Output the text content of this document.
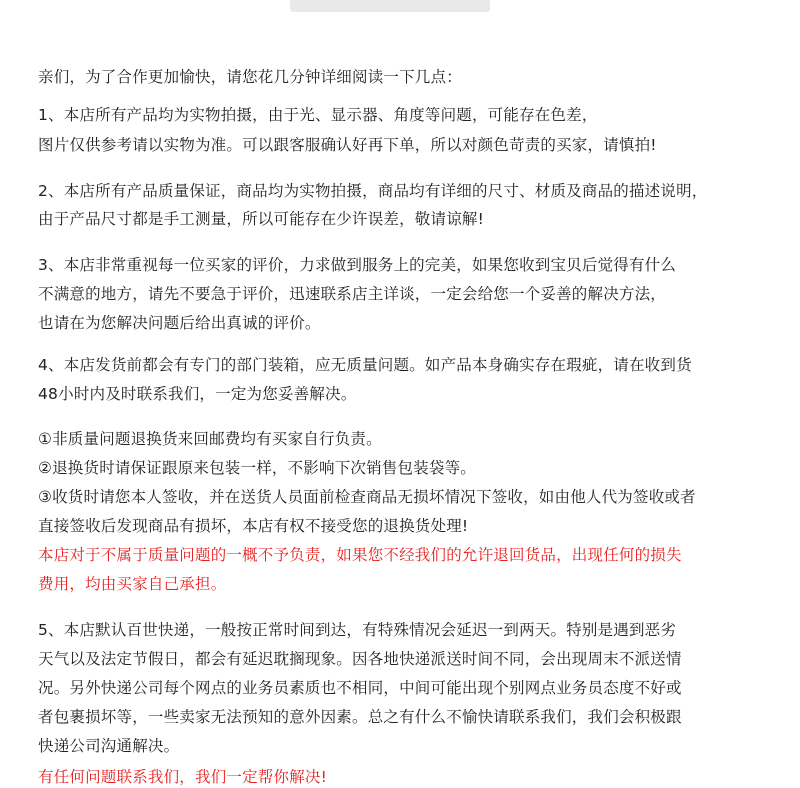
亲们，为了合作更加愉快，请您花几分钟详细阅读一下几点：
1、本店所有产品均为实物拍摄，由于光、显示器、角度等问题，可能存在色差，
图片仅供参考请以实物为准。可以跟客服确认好再下单，所以对颜色苛责的买家，请慎拍!
2、本店所有产品质量保证，商品均为实物拍摄，商品均有详细的尺寸、材质及商品的描述说明，
由于产品尺寸都是手工测量，所以可能存在少许误差，敬请谅解!
3、本店非常重视每一位买家的评价，力求做到服务上的完美，如果您收到宝贝后觉得有什么
不满意的地方，请先不要急于评价，迅速联系店主详谈，一定会给您一个妥善的解决方法，
也请在为您解决问题后给出真诚的评价。
4、本店发货前都会有专门的部门装箱，应无质量问题。如产品本身确实存在瑕疵，请在收到货
48小时内及时联系我们，一定为您妥善解决。
①非质量问题退换货来回邮费均有买家自行负责。
②退换货时请保证跟原来包装一样，不影响下次销售包装袋等。
③收货时请您本人签收，并在送货人员面前检查商品无损坏情况下签收，如由他人代为签收或者
直接签收后发现商品有损坏，本店有权不接受您的退换货处理!
本店对于不属于质量问题的一概不予负责，如果您不经我们的允许退回货品，出现任何的损失
费用，均由买家自己承担。
5、本店默认百世快递，一般按正常时间到达，有特殊情况会延迟一到两天。特别是遇到恶劣
天气以及法定节假日，都会有延迟耽搁现象。因各地快递派送时间不同，会出现周末不派送情
况。另外快递公司每个网点的业务员素质也不相同，中间可能出现个别网点业务员态度不好或
者包裹损坏等，一些卖家无法预知的意外因素。总之有什么不愉快请联系我们，我们会积极跟
快递公司沟通解决。
有任何问题联系我们，我们一定帮你解决!
